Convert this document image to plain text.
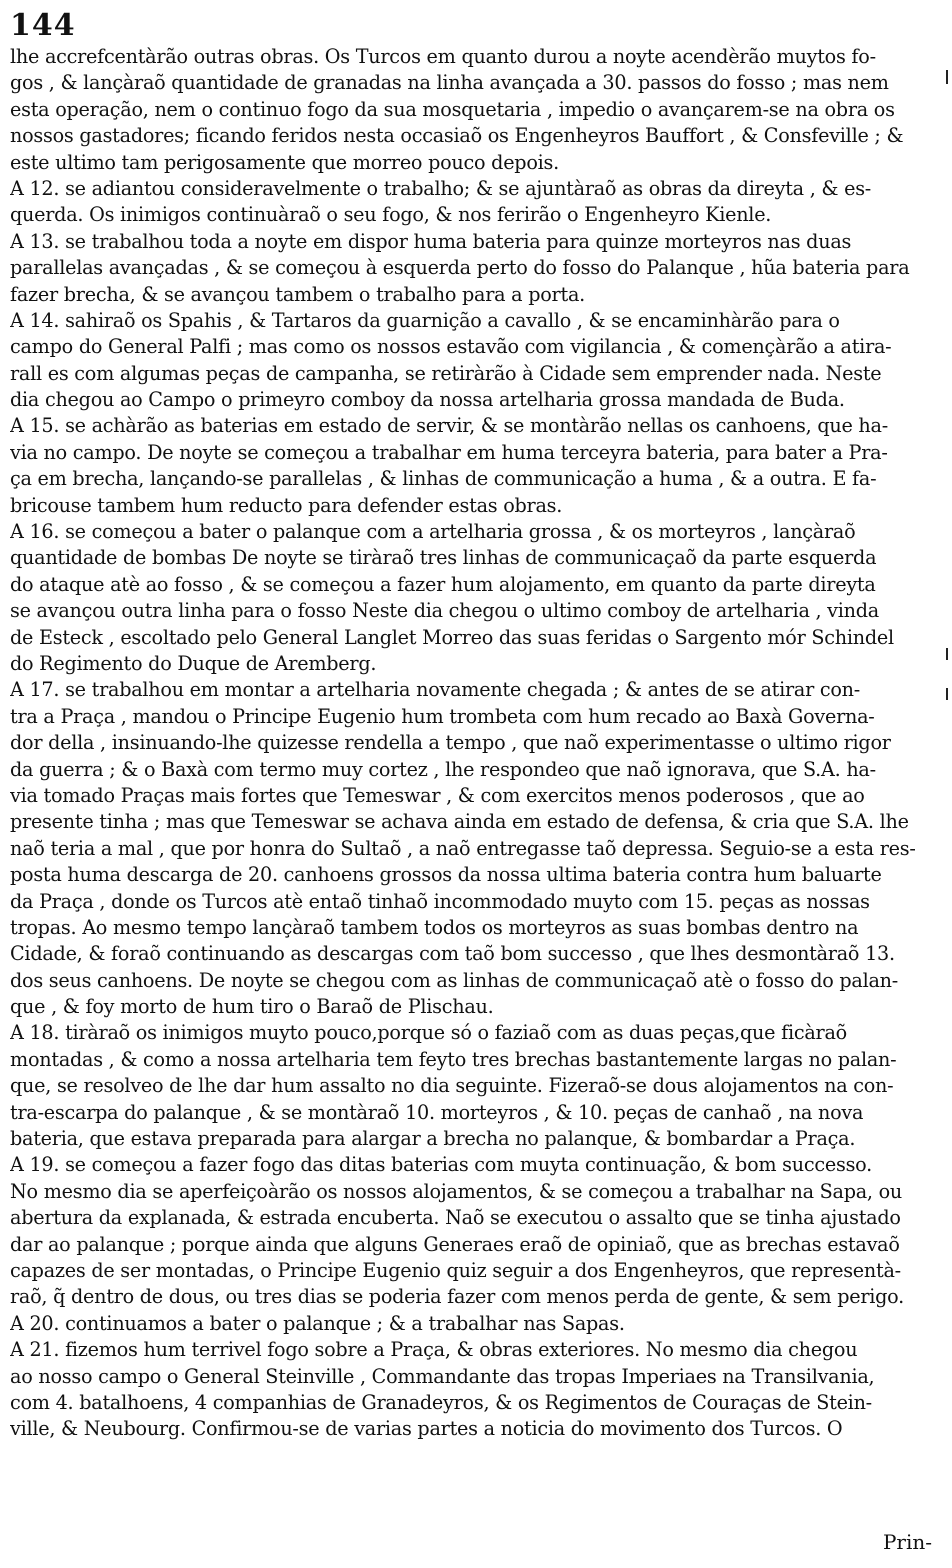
144
lhe accrefcentàrão outras obras. Os Turcos em quanto durou a noyte acendèrão muytos fo-
gos , & lançàraõ quantidade de granadas na linha avançada a 30. passos do fosso ; mas nem
esta operação, nem o continuo fogo da sua mosquetaria , impedio o avançarem-se na obra os
nossos gastadores; ficando feridos nesta occasiaõ os Engenheyros Bauffort , & Consfeville ; &
este ultimo tam perigosamente que morreo pouco depois.
A 12. se adiantou consideravelmente o trabalho; & se ajuntàraõ as obras da direyta , & es-
querda. Os inimigos continuàraõ o seu fogo, & nos ferirão o Engenheyro Kienle.
A 13. se trabalhou toda a noyte em dispor huma bateria para quinze morteyros nas duas
parallelas avançadas , & se começou à esquerda perto do fosso do Palanque , hũa bateria para
fazer brecha, & se avançou tambem o trabalho para a porta.
A 14. sahiraõ os Spahis , & Tartaros da guarnição a cavallo , & se encaminhàrão para o
campo do General Palfi ; mas como os nossos estavão com vigilancia , & començàrão a atira-
rall es com algumas peças de campanha, se retiràrão à Cidade sem emprender nada. Neste
dia chegou ao Campo o primeyro comboy da nossa artelharia grossa mandada de Buda.
A 15. se achàrão as baterias em estado de servir, & se montàrão nellas os canhoens, que ha-
via no campo. De noyte se começou a trabalhar em huma terceyra bateria, para bater a Pra-
ça em brecha, lançando-se parallelas , & linhas de communicação a huma , & a outra. E fa-
bricouse tambem hum reducto para defender estas obras.
A 16. se começou a bater o palanque com a artelharia grossa , & os morteyros , lançàraõ
quantidade de bombas De noyte se tiràraõ tres linhas de communicaçaõ da parte esquerda
do ataque atè ao fosso , & se começou a fazer hum alojamento, em quanto da parte direyta
se avançou outra linha para o fosso Neste dia chegou o ultimo comboy de artelharia , vinda
de Esteck , escoltado pelo General Langlet Morreo das suas feridas o Sargento mór Schindel
do Regimento do Duque de Aremberg.
A 17. se trabalhou em montar a artelharia novamente chegada ; & antes de se atirar con-
tra a Praça , mandou o Principe Eugenio hum trombeta com hum recado ao Baxà Governa-
dor della , insinuando-lhe quizesse rendella a tempo , que naõ experimentasse o ultimo rigor
da guerra ; & o Baxà com termo muy cortez , lhe respondeo que naõ ignorava, que S.A. ha-
via tomado Praças mais fortes que Temeswar , & com exercitos menos poderosos , que ao
presente tinha ; mas que Temeswar se achava ainda em estado de defensa, & cria que S.A. lhe
naõ teria a mal , que por honra do Sultaõ , a naõ entregasse taõ depressa. Seguio-se a esta res-
posta huma descarga de 20. canhoens grossos da nossa ultima bateria contra hum baluarte
da Praça , donde os Turcos atè entaõ tinhaõ incommodado muyto com 15. peças as nossas
tropas. Ao mesmo tempo lançàraõ tambem todos os morteyros as suas bombas dentro na
Cidade, & foraõ continuando as descargas com taõ bom successo , que lhes desmontàraõ 13.
dos seus canhoens. De noyte se chegou com as linhas de communicaçaõ atè o fosso do palan-
que , & foy morto de hum tiro o Baraõ de Plischau.
A 18. tiràraõ os inimigos muyto pouco,porque só o faziaõ com as duas peças,que ficàraõ
montadas , & como a nossa artelharia tem feyto tres brechas bastantemente largas no palan-
que, se resolveo de lhe dar hum assalto no dia seguinte. Fizeraõ-se dous alojamentos na con-
tra-escarpa do palanque , & se montàraõ 10. morteyros , & 10. peças de canhaõ , na nova
bateria, que estava preparada para alargar a brecha no palanque, & bombardar a Praça.
A 19. se começou a fazer fogo das ditas baterias com muyta continuação, & bom successo.
No mesmo dia se aperfeiçoàrão os nossos alojamentos, & se começou a trabalhar na Sapa, ou
abertura da explanada, & estrada encuberta. Naõ se executou o assalto que se tinha ajustado
dar ao palanque ; porque ainda que alguns Generaes eraõ de opiniaõ, que as brechas estavaõ
capazes de ser montadas, o Principe Eugenio quiz seguir a dos Engenheyros, que representà-
raõ, q̃ dentro de dous, ou tres dias se poderia fazer com menos perda de gente, & sem perigo.
A 20. continuamos a bater o palanque ; & a trabalhar nas Sapas.
A 21. fizemos hum terrivel fogo sobre a Praça, & obras exteriores. No mesmo dia chegou
ao nosso campo o General Steinville , Commandante das tropas Imperiaes na Transilvania,
com 4. batalhoens, 4 companhias de Granadeyros, & os Regimentos de Couraças de Stein-
ville, & Neubourg. Confirmou-se de varias partes a noticia do movimento dos Turcos. O
Prin-
